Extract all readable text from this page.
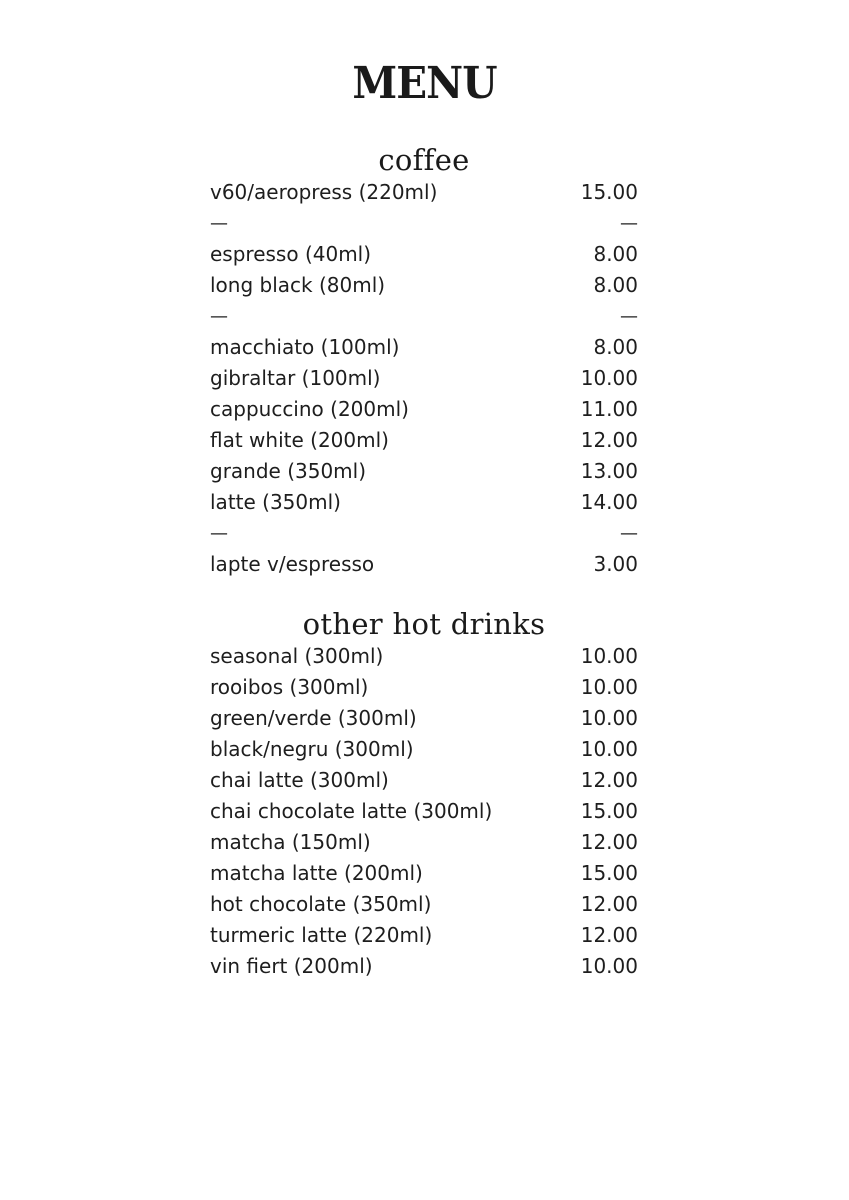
MENU
coffee
v60/aeropress (220ml)	15.00
—	—
espresso (40ml)	8.00
long black (80ml)	8.00
—	—
macchiato (100ml)	8.00
gibraltar (100ml)	10.00
cappuccino (200ml)	11.00
flat white (200ml)	12.00
grande (350ml)	13.00
latte (350ml)	14.00
—	—
lapte v/espresso	3.00
other hot drinks
seasonal (300ml)	10.00
rooibos (300ml)	10.00
green/verde (300ml)	10.00
black/negru (300ml)	10.00
chai latte (300ml)	12.00
chai chocolate latte (300ml)	15.00
matcha (150ml)	12.00
matcha latte (200ml)	15.00
hot chocolate (350ml)	12.00
turmeric latte (220ml)	12.00
vin fiert (200ml)	10.00
